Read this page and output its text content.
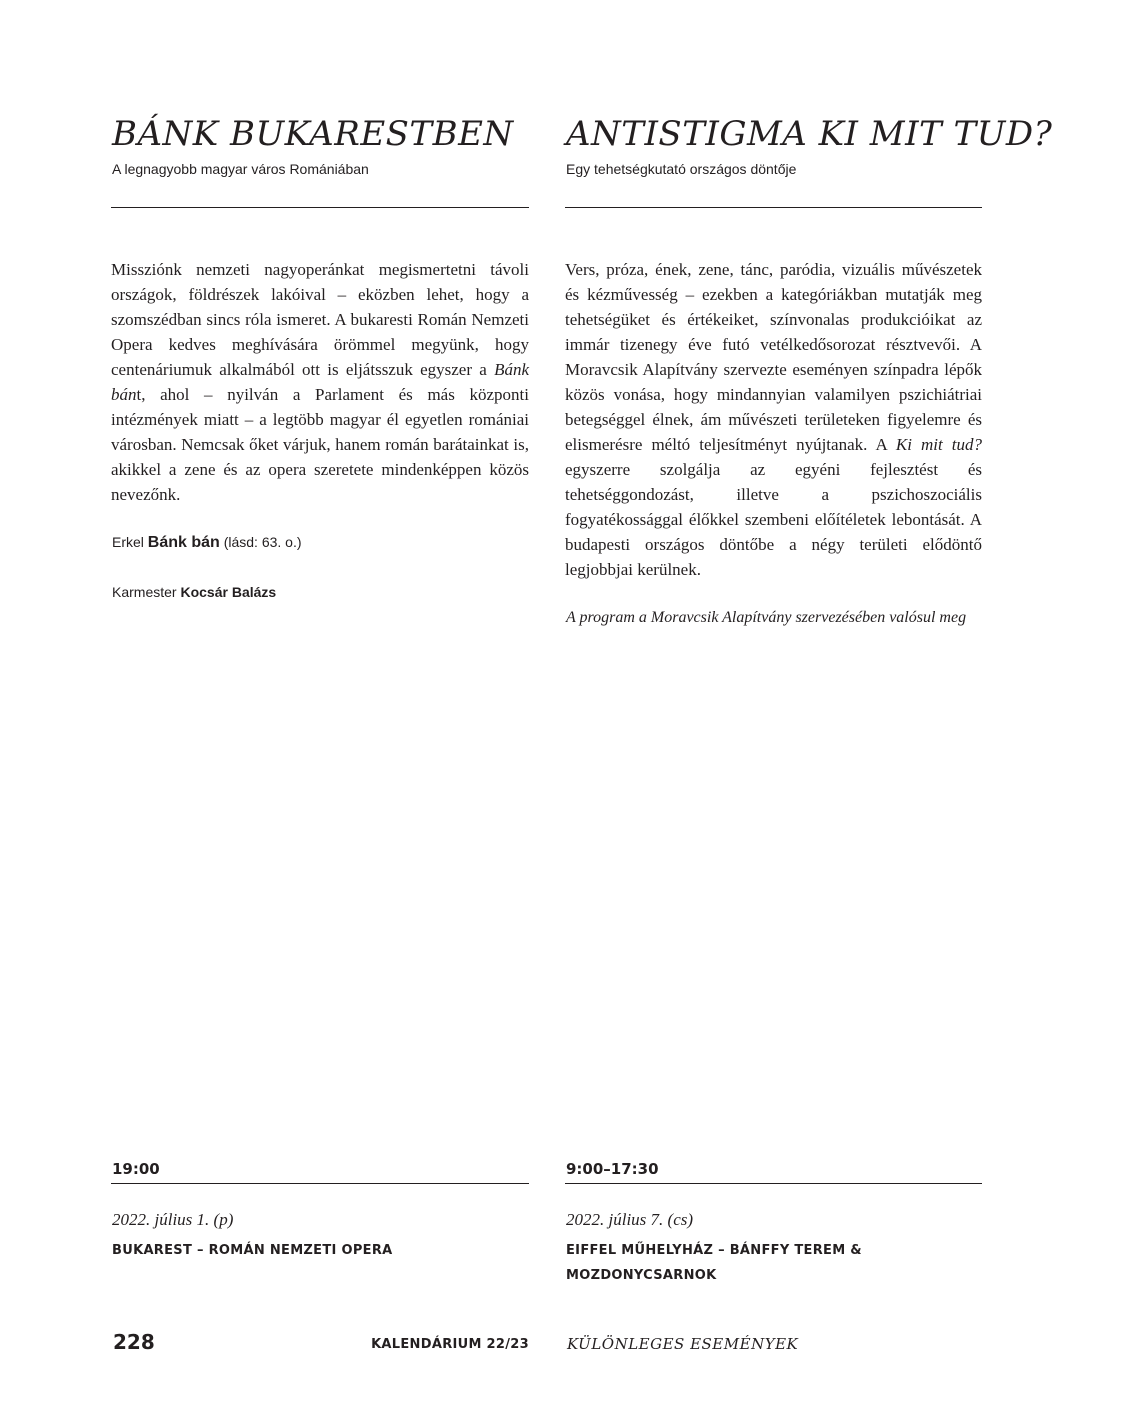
BÁNK BUKARESTBEN
A legnagyobb magyar város Romániában

Missziónk nemzeti nagyoperánkat megismertetni távoli országok, földrészek lakóival – eközben lehet, hogy a szomszédban sincs róla ismeret. A bukaresti Román Nemzeti Opera kedves meghívására örömmel megyünk, hogy centenáriumuk alkalmából ott is eljátsszuk egyszer a Bánk bánt, ahol – nyilván a Parlament és más központi intézmények miatt – a legtöbb magyar él egyetlen romániai városban. Nemcsak őket várjuk, hanem román barátainkat is, akikkel a zene és az opera szeretete mindenképpen közös nevezőnk.

Erkel Bánk bán (lásd: 63. o.)
Karmester Kocsár Balázs
19:00
2022. július 1. (p)
BUKAREST – ROMÁN NEMZETI OPERA
ANTISTIGMA KI MIT TUD?
Egy tehetségkutató országos döntője

Vers, próza, ének, zene, tánc, paródia, vizuális művészetek és kézművesség – ezekben a kategóriákban mutatják meg tehetségüket és értékeiket, színvonalas produkcióikat az immár tizenegy éve futó vetélkedősorozat résztvevői. A Moravcsik Alapítvány szervezte eseményen színpadra lépők közös vonása, hogy mindannyian valamilyen pszichiátriai betegséggel élnek, ám művészeti területeken figyelemre és elismerésre méltó teljesítményt nyújtanak. A Ki mit tud? egyszerre szolgálja az egyéni fejlesztést és tehetséggondozást, illetve a pszichoszociális fogyatékossággal élőkkel szembeni előítéletek lebontását. A budapesti országos döntőbe a négy területi elődöntő legjobbjai kerülnek.

A program a Moravcsik Alapítvány szervezésében valósul meg
9:00–17:30
2022. július 7. (cs)
EIFFEL MŰHELYHÁZ – BÁNFFY TEREM & MOZDONYCSARNOK
228	KALENDÁRIUM 22/23	KÜLÖNLEGES ESEMÉNYEK
